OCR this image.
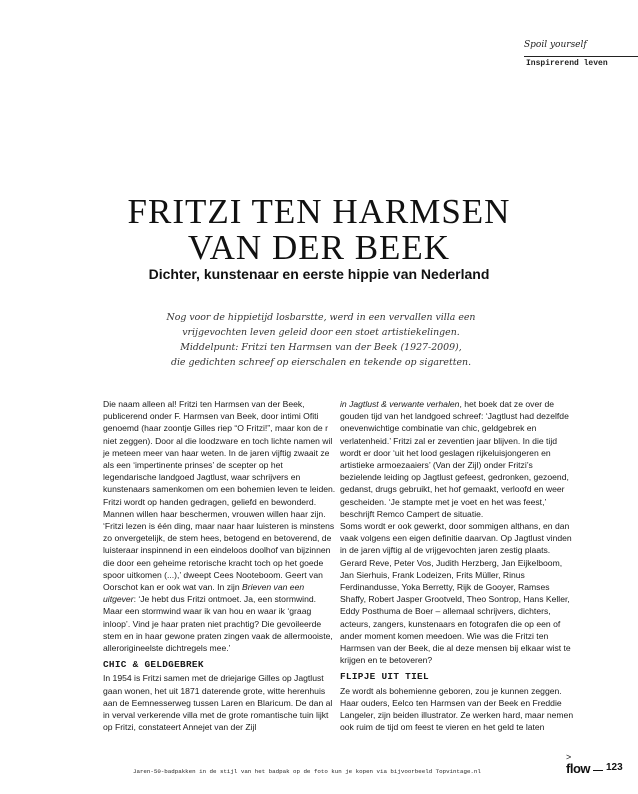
Spoil yourself
Inspirerend leven
FRITZI TEN HARMSEN
VAN DER BEEK
Dichter, kunstenaar en eerste hippie van Nederland
Nog voor de hippietijd losbarstte, werd in een vervallen villa een
vrijgevochten leven geleid door een stoet artistiekelingen.
Middelpunt: Fritzi ten Harmsen van der Beek (1927-2009),
die gedichten schreef op eierschalen en tekende op sigaretten.

Die naam alleen al! Fritzi ten Harmsen van der Beek, publicerend onder F. Harmsen van Beek, door intimi Ofiti genoemd (haar zoontje Gilles riep “O Fritzi!”, maar kon de r niet zeggen). Door al die loodzware en toch lichte namen wil je meteen meer van haar weten. In de jaren vijftig zwaait ze als een ‘impertinente prinses’ de scepter op het legendarische landgoed Jagtlust, waar schrijvers en kunstenaars samenkomen om een bohemien leven te leiden. Fritzi wordt op handen gedragen, geliefd en bewonderd. Mannen willen haar beschermen, vrouwen willen haar zijn. ‘Fritzi lezen is één ding, maar naar haar luisteren is minstens zo onvergetelijk, de stem hees, betogend en betoverend, de luisteraar inspinnend in een eindeloos doolhof van bijzinnen die door een geheime retorische kracht toch op het goede spoor uitkomen (...),’ dweept Cees Nooteboom. Geert van Oorschot kan er ook wat van. In zijn Brieven van een uitgever: ‘Je hebt dus Fritzi ontmoet. Ja, een stormwind. Maar een stormwind waar ik van hou en waar ik ‘graag inloop’. Vind je haar praten niet prachtig? Die gevoileerde stem en in haar gewone praten zingen vaak de allermooiste, allerorigineelste dichtregels mee.’

CHIC & GELDGEBREK

In 1954 is Fritzi samen met de driejarige Gilles op Jagtlust gaan wonen, het uit 1871 daterende grote, witte herenhuis aan de Eemnesserweg tussen Laren en Blaricum. De dan al in verval verkerende villa met de grote romantische tuin lijkt op Fritzi, constateert Annejet van der Zijl

in Jagtlust & verwante verhalen, het boek dat ze over de gouden tijd van het landgoed schreef: ‘Jagtlust had dezelfde onevenwichtige combinatie van chic, geldgebrek en verlatenheid.’ Fritzi zal er zeventien jaar blijven. In die tijd wordt er door ‘uit het lood geslagen rijkeluisjongeren en artistieke armoezaaiers’ (Van der Zijl) onder Fritzi’s bezielende leiding op Jagtlust gefeest, gedronken, gezoend, gedanst, drugs gebruikt, het hof gemaakt, verloofd en weer gescheiden. ‘Je stampte met je voet en het was feest,’ beschrijft Remco Campert de situatie.

Soms wordt er ook gewerkt, door sommigen althans, en dan vaak volgens een eigen definitie daarvan. Op Jagtlust vinden in de jaren vijftig al de vrijgevochten jaren zestig plaats. Gerard Reve, Peter Vos, Judith Herzberg, Jan Eijkelboom, Jan Sierhuis, Frank Lodeizen, Frits Müller, Rinus Ferdinandusse, Yoka Berretty, Rijk de Gooyer, Ramses Shaffy, Robert Jasper Grootveld, Theo Sontrop, Hans Keller, Eddy Posthuma de Boer – allemaal schrijvers, dichters, acteurs, zangers, kunstenaars en fotografen die op een of ander moment komen meedoen. Wie was die Fritzi ten Harmsen van der Beek, die al deze mensen bij elkaar wist te krijgen en te betoveren?

FLIPJE UIT TIEL

Ze wordt als bohemienne geboren, zou je kunnen zeggen. Haar ouders, Eelco ten Harmsen van der Beek en Freddie Langeler, zijn beiden illustrator. Ze werken hard, maar nemen ook ruim de tijd om feest te vieren en het geld te laten

>
Jaren-50-badpakken in de stijl van het badpak op de foto kun je kopen via bijvoorbeeld Topvintage.nl	flow 123
